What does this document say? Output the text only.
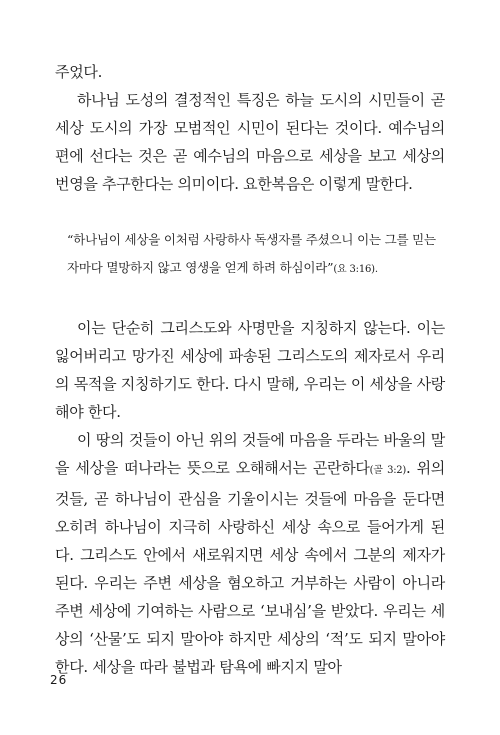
주었다.

하나님 도성의 결정적인 특징은 하늘 도시의 시민들이 곧 세상 도시의 가장 모범적인 시민이 된다는 것이다. 예수님의 편에 선다는 것은 곧 예수님의 마음으로 세상을 보고 세상의 번영을 추구한다는 의미이다. 요한복음은 이렇게 말한다.

“하나님이 세상을 이처럼 사랑하사 독생자를 주셨으니 이는 그를 믿는 자마다 멸망하지 않고 영생을 얻게 하려 하심이라”(요 3:16).

이는 단순히 그리스도와 사명만을 지칭하지 않는다. 이는 잃어버리고 망가진 세상에 파송된 그리스도의 제자로서 우리의 목적을 지칭하기도 한다. 다시 말해, 우리는 이 세상을 사랑해야 한다.

이 땅의 것들이 아닌 위의 것들에 마음을 두라는 바울의 말을 세상을 떠나라는 뜻으로 오해해서는 곤란하다(골 3:2). 위의 것들, 곧 하나님이 관심을 기울이시는 것들에 마음을 둔다면 오히려 하나님이 지극히 사랑하신 세상 속으로 들어가게 된다. 그리스도 안에서 새로워지면 세상 속에서 그분의 제자가 된다. 우리는 주변 세상을 혐오하고 거부하는 사람이 아니라 주변 세상에 기여하는 사람으로 ‘보내심’을 받았다. 우리는 세상의 ‘산물’도 되지 말아야 하지만 세상의 ‘적’도 되지 말아야 한다. 세상을 따라 불법과 탐욕에 빠지지 말아

26
